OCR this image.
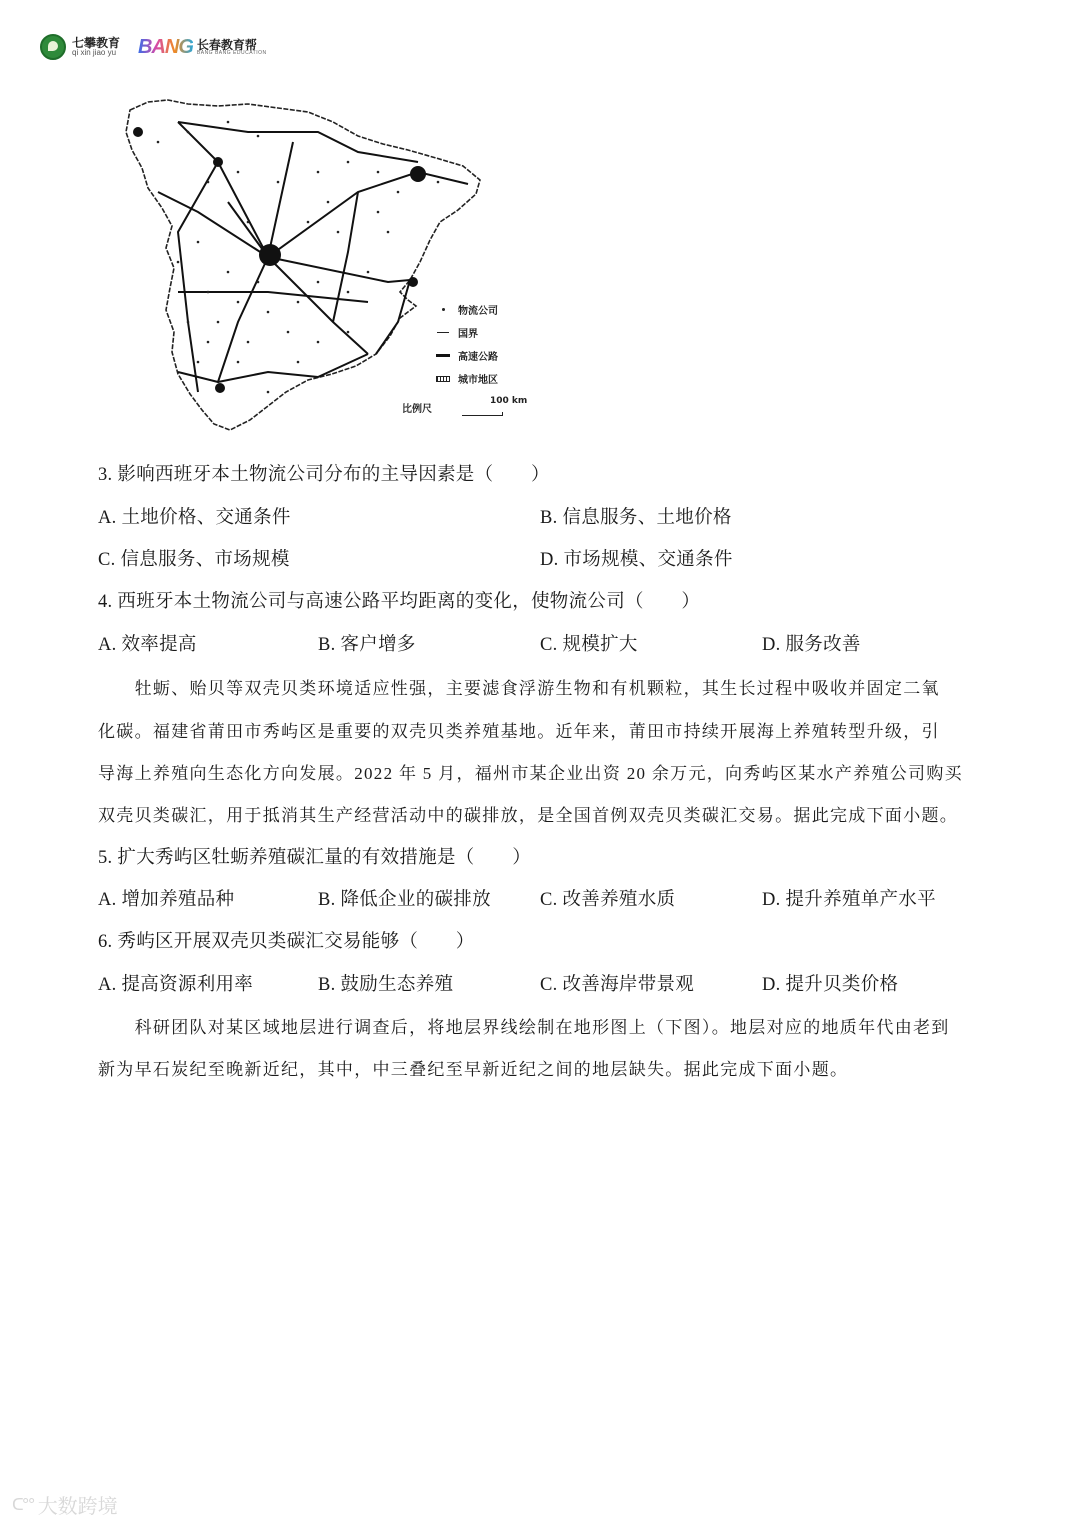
七攀教育
qi xin jiao yu BANG 长春教育帮
BANG BANG EDUCATION
物流公司
国界
高速公路
城市地区
比例尺
100 km
3. 影响西班牙本土物流公司分布的主导因素是（　　）
A. 土地价格、交通条件	B. 信息服务、土地价格
C. 信息服务、市场规模	D. 市场规模、交通条件
4. 西班牙本土物流公司与高速公路平均距离的变化，使物流公司（　　）
A. 效率提高	B. 客户增多	C. 规模扩大	D. 服务改善
　　牡蛎、贻贝等双壳贝类环境适应性强，主要滤食浮游生物和有机颗粒，其生长过程中吸收并固定二氧
化碳。福建省莆田市秀屿区是重要的双壳贝类养殖基地。近年来，莆田市持续开展海上养殖转型升级，引
导海上养殖向生态化方向发展。2022 年 5 月，福州市某企业出资 20 余万元，向秀屿区某水产养殖公司购买
双壳贝类碳汇，用于抵消其生产经营活动中的碳排放，是全国首例双壳贝类碳汇交易。据此完成下面小题。
5. 扩大秀屿区牡蛎养殖碳汇量的有效措施是（　　）
A. 增加养殖品种	B. 降低企业的碳排放	C. 改善养殖水质	D. 提升养殖单产水平
6. 秀屿区开展双壳贝类碳汇交易能够（　　）
A. 提高资源利用率	B. 鼓励生态养殖	C. 改善海岸带景观	D. 提升贝类价格
　　科研团队对某区域地层进行调查后，将地层界线绘制在地形图上（下图）。地层对应的地质年代由老到
新为早石炭纪至晚新近纪，其中，中三叠纪至早新近纪之间的地层缺失。据此完成下面小题。
ᑕ°° 大数跨境
